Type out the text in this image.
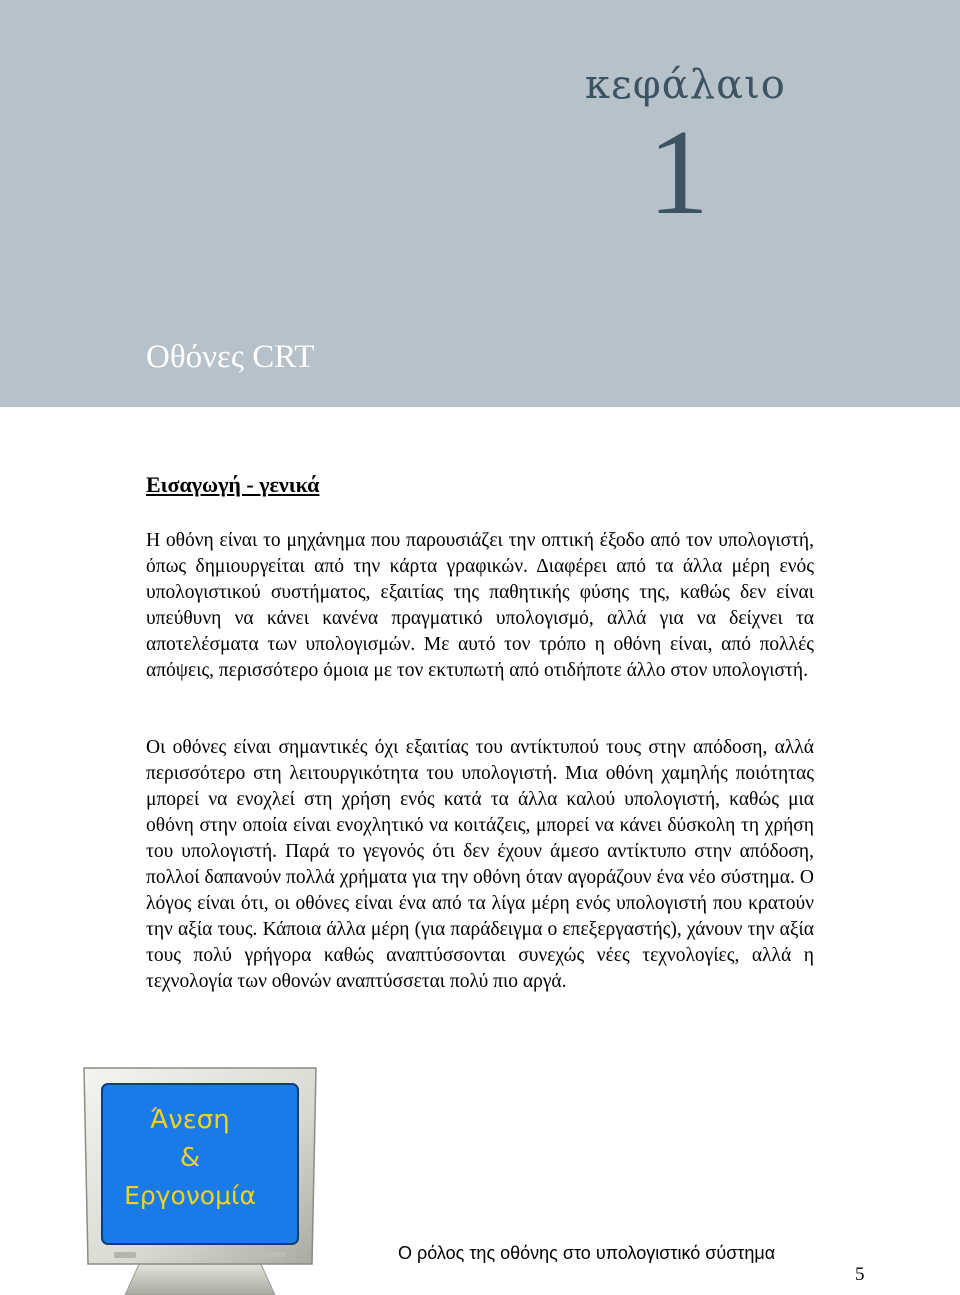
κεφάλαιο
1
Οθόνες CRT
Εισαγωγή - γενικά

Η οθόνη είναι το μηχάνημα που παρουσιάζει την οπτική έξοδο από τον υπολογιστή, όπως δημιουργείται από την κάρτα γραφικών. Διαφέρει από τα άλλα μέρη ενός υπολογιστικού συστήματος, εξαιτίας της παθητικής φύσης της, καθώς δεν είναι υπεύθυνη να κάνει κανένα πραγματικό υπολογισμό, αλλά για να δείχνει τα αποτελέσματα των υπολογισμών. Με αυτό τον τρόπο η οθόνη είναι, από πολλές απόψεις, περισσότερο όμοια με τον εκτυπωτή από οτιδήποτε άλλο στον υπολογιστή.

Οι οθόνες είναι σημαντικές όχι εξαιτίας του αντίκτυπού τους στην απόδοση, αλλά περισσότερο στη λειτουργικότητα του υπολογιστή. Μια οθόνη χαμηλής ποιότητας μπορεί να ενοχλεί στη χρήση ενός κατά τα άλλα καλού υπολογιστή, καθώς μια οθόνη στην οποία είναι ενοχλητικό να κοιτάζεις, μπορεί να κάνει δύσκολη τη χρήση του υπολογιστή. Παρά το γεγονός ότι δεν έχουν άμεσο αντίκτυπο στην απόδοση, πολλοί δαπανούν πολλά χρήματα για την οθόνη όταν αγοράζουν ένα νέο σύστημα. Ο λόγος είναι ότι, οι οθόνες είναι ένα από τα λίγα μέρη ενός υπολογιστή που κρατούν την αξία τους. Κάποια άλλα μέρη (για παράδειγμα ο επεξεργαστής), χάνουν την αξία τους πολύ γρήγορα καθώς αναπτύσσονται συνεχώς νέες τεχνολογίες, αλλά η τεχνολογία των οθονών αναπτύσσεται πολύ πιο αργά.

Άνεση
&
Εργονομία
Ο ρόλος της οθόνης στο υπολογιστικό σύστημα
5
